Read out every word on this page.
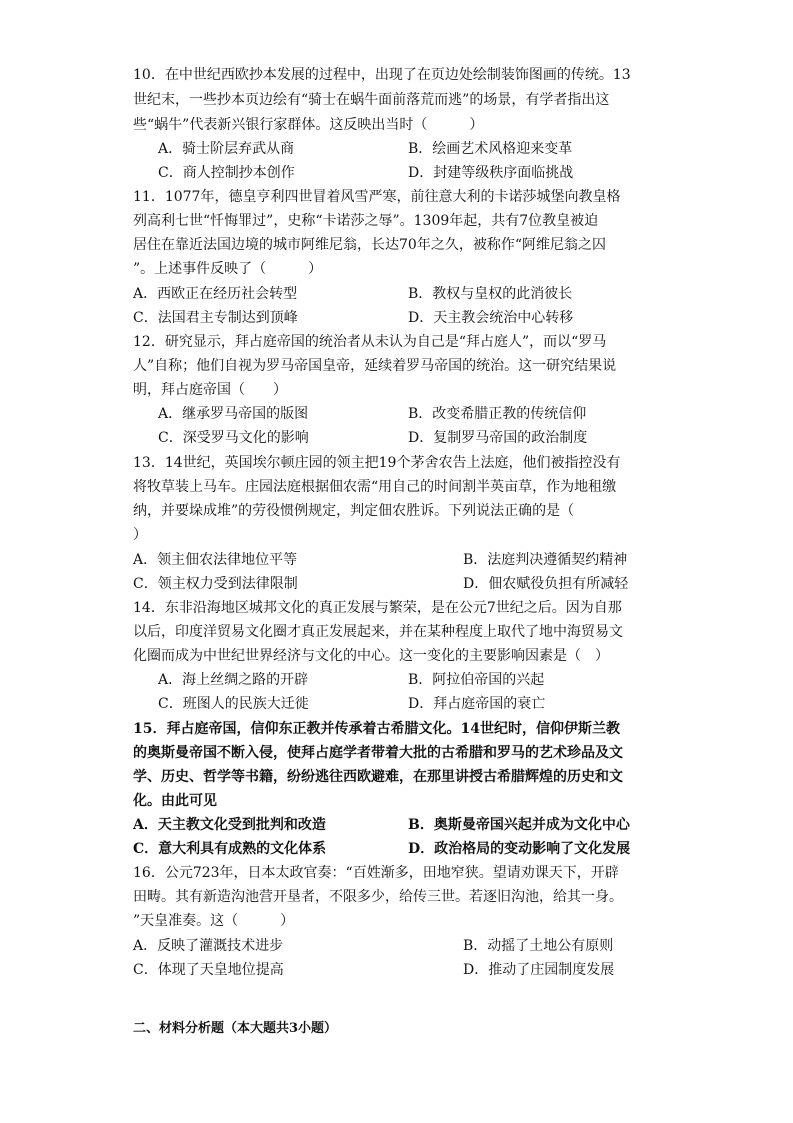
10．在中世纪西欧抄本发展的过程中，出现了在页边处绘制装饰图画的传统。13
世纪末，一些抄本页边绘有“骑士在蜗牛面前落荒而逃”的场景，有学者指出这
些“蜗牛”代表新兴银行家群体。这反映出当时（　　　）
A．骑士阶层弃武从商	B．绘画艺术风格迎来变革
C．商人控制抄本创作	D．封建等级秩序面临挑战
11．1077年，德皇亨利四世冒着风雪严寒，前往意大利的卡诺莎城堡向教皇格
列高利七世“忏悔罪过”，史称“卡诺莎之辱”。1309年起，共有7位教皇被迫
居住在靠近法国边境的城市阿维尼翁，长达70年之久，被称作“阿维尼翁之囚
”。上述事件反映了（　　　）
A．西欧正在经历社会转型	B．教权与皇权的此消彼长
C．法国君主专制达到顶峰	D．天主教会统治中心转移
12．研究显示，拜占庭帝国的统治者从未认为自己是“拜占庭人”，而以“罗马
人”自称；他们自视为罗马帝国皇帝，延续着罗马帝国的统治。这一研究结果说
明，拜占庭帝国（　　）
A．继承罗马帝国的版图	B．改变希腊正教的传统信仰
C．深受罗马文化的影响	D．复制罗马帝国的政治制度
13．14世纪，英国埃尔顿庄园的领主把19个茅舍农告上法庭，他们被指控没有
将牧草装上马车。庄园法庭根据佃农需“用自己的时间割半英亩草，作为地租缴
纳，并要垛成堆”的劳役惯例规定，判定佃农胜诉。下列说法正确的是（
）
A．领主佃农法律地位平等	B．法庭判决遵循契约精神
C．领主权力受到法律限制	D．佃农赋役负担有所减轻
14．东非沿海地区城邦文化的真正发展与繁荣，是在公元7世纪之后。因为自那
以后，印度洋贸易文化圈才真正发展起来，并在某种程度上取代了地中海贸易文
化圈而成为中世纪世界经济与文化的中心。这一变化的主要影响因素是（　）
A．海上丝绸之路的开辟	B．阿拉伯帝国的兴起
C．班图人的民族大迁徙	D．拜占庭帝国的衰亡
15．拜占庭帝国，信仰东正教并传承着古希腊文化。14世纪时，信仰伊斯兰教
的奥斯曼帝国不断入侵，使拜占庭学者带着大批的古希腊和罗马的艺术珍品及文
学、历史、哲学等书籍，纷纷逃往西欧避难，在那里讲授古希腊辉煌的历史和文
化。由此可见
A．天主教文化受到批判和改造	B．奥斯曼帝国兴起并成为文化中心
C．意大利具有成熟的文化体系	D．政治格局的变动影响了文化发展
16．公元723年，日本太政官奏：“百姓渐多，田地窄狭。望请劝课天下，开辟
田畴。其有新造沟池营开垦者，不限多少，给传三世。若逐旧沟池，给其一身。
”天皇准奏。这（　　　）
A．反映了灌溉技术进步	B．动摇了土地公有原则
C．体现了天皇地位提高	D．推动了庄园制度发展
二、材料分析题（本大题共3小题）
